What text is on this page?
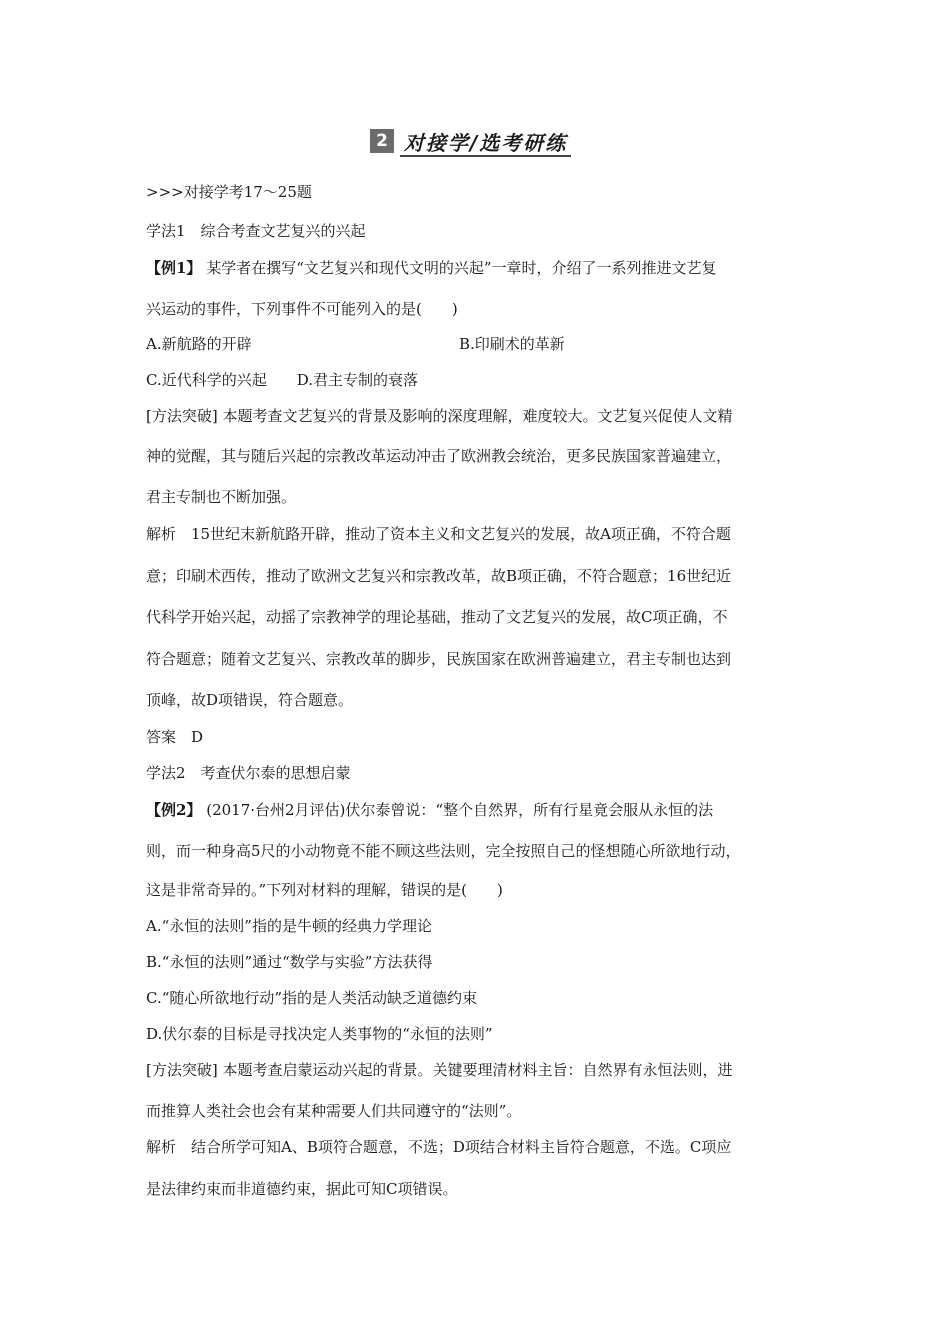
2 对接学/选考研练
>>>对接学考17～25题
学法1　综合考查文艺复兴的兴起
【例1】 某学者在撰写“文艺复兴和现代文明的兴起”一章时，介绍了一系列推进文艺复
兴运动的事件，下列事件不可能列入的是(　　)
A.新航路的开辟	B.印刷术的革新
C.近代科学的兴起　　D.君主专制的衰落
[方法突破] 本题考查文艺复兴的背景及影响的深度理解，难度较大。文艺复兴促使人文精
神的觉醒，其与随后兴起的宗教改革运动冲击了欧洲教会统治，更多民族国家普遍建立，
君主专制也不断加强。
解析　15世纪末新航路开辟，推动了资本主义和文艺复兴的发展，故A项正确，不符合题
意；印刷术西传，推动了欧洲文艺复兴和宗教改革，故B项正确，不符合题意；16世纪近
代科学开始兴起，动摇了宗教神学的理论基础，推动了文艺复兴的发展，故C项正确，不
符合题意；随着文艺复兴、宗教改革的脚步，民族国家在欧洲普遍建立，君主专制也达到
顶峰，故D项错误，符合题意。
答案　D
学法2　考查伏尔泰的思想启蒙
【例2】 (2017·台州2月评估)伏尔泰曾说：“整个自然界，所有行星竟会服从永恒的法
则，而一种身高5尺的小动物竟不能不顾这些法则，完全按照自己的怪想随心所欲地行动，
这是非常奇异的。”下列对材料的理解，错误的是(　　)
A.“永恒的法则”指的是牛顿的经典力学理论
B.“永恒的法则”通过“数学与实验”方法获得
C.“随心所欲地行动”指的是人类活动缺乏道德约束
D.伏尔泰的目标是寻找决定人类事物的“永恒的法则”
[方法突破] 本题考查启蒙运动兴起的背景。关键要理清材料主旨：自然界有永恒法则，进
而推算人类社会也会有某种需要人们共同遵守的“法则”。
解析　结合所学可知A、B项符合题意，不选；D项结合材料主旨符合题意，不选。C项应
是法律约束而非道德约束，据此可知C项错误。
